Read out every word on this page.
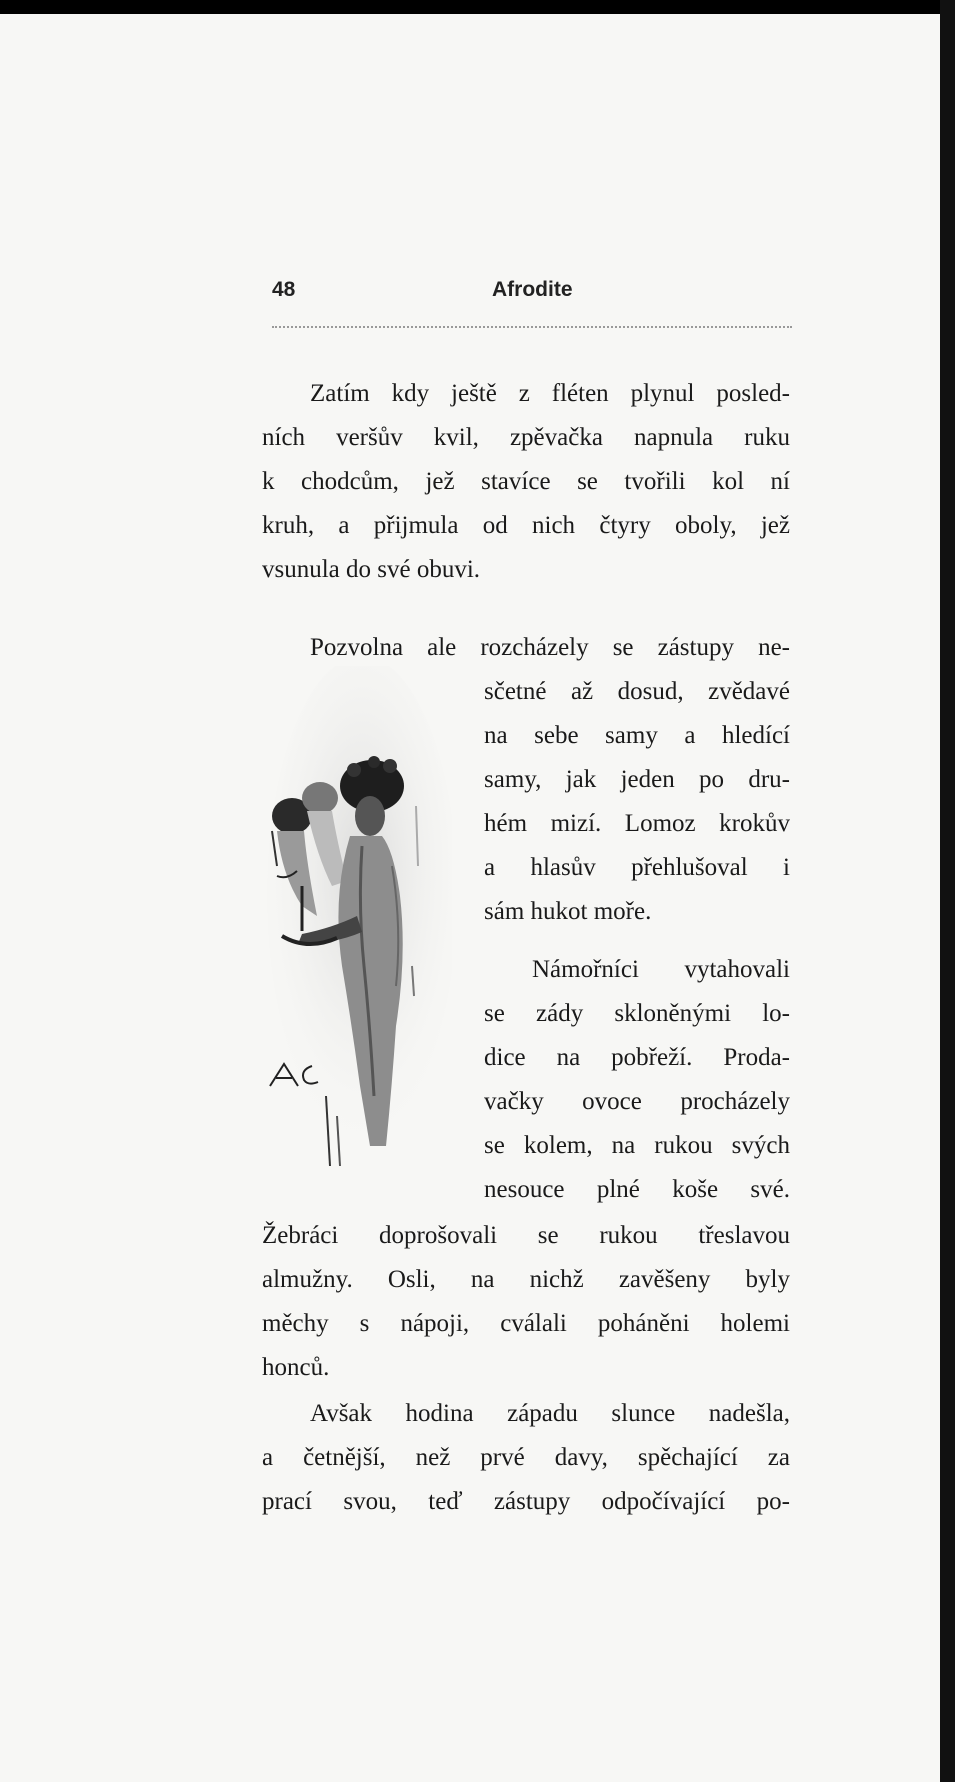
48	Afrodite
Zatím kdy ještě z fléten plynul posled-
ních veršův kvil, zpěvačka napnula ruku
k chodcům, jež stavíce se tvořili kol ní
kruh, a přijmula od nich čtyry oboly, jež
vsunula do své obuvi.
Pozvolna ale rozcházely se zástupy ne-
sčetné až dosud, zvědavé
na sebe samy a hledící
samy, jak jeden po dru-
hém mizí. Lomoz krokův
a hlasův přehlušoval i
sám hukot moře.
Námořníci vytahovali
se zády skloněnými lo-
dice na pobřeží. Proda-
vačky ovoce procházely
se kolem, na rukou svých
nesouce plné koše své.
Žebráci doprošovali se rukou třeslavou
almužny. Osli, na nichž zavěšeny byly
měchy s nápoji, cválali poháněni holemi
honců.
Avšak hodina západu slunce nadešla,
a četnější, než prvé davy, spěchající za
prací svou, teď zástupy odpočívající po-
